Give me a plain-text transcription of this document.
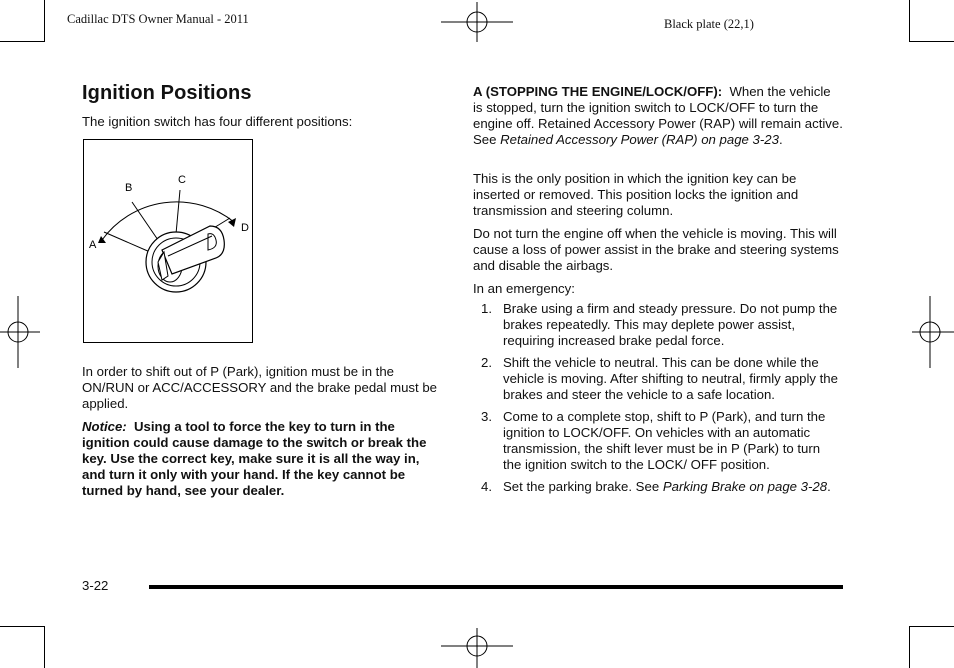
Cadillac DTS Owner Manual - 2011	Black plate (22,1)
Ignition Positions

The ignition switch has four different positions:

A
B
C
D

In order to shift out of P (Park), ignition must be in the ON/RUN or ACC/ACCESSORY and the brake pedal must be applied.

Notice: Using a tool to force the key to turn in the ignition could cause damage to the switch or break the key. Use the correct key, make sure it is all the way in, and turn it only with your hand. If the key cannot be turned by hand, see your dealer.

A (STOPPING THE ENGINE/LOCK/OFF): When the vehicle is stopped, turn the ignition switch to LOCK/OFF to turn the engine off. Retained Accessory Power (RAP) will remain active. See Retained Accessory Power (RAP) on page 3-23.

This is the only position in which the ignition key can be inserted or removed. This position locks the ignition and transmission and steering column.

Do not turn the engine off when the vehicle is moving. This will cause a loss of power assist in the brake and steering systems and disable the airbags.

In an emergency:

1. Brake using a firm and steady pressure. Do not pump the brakes repeatedly. This may deplete power assist, requiring increased brake pedal force.
2. Shift the vehicle to neutral. This can be done while the vehicle is moving. After shifting to neutral, firmly apply the brakes and steer the vehicle to a safe location.
3. Come to a complete stop, shift to P (Park), and turn the ignition to LOCK/OFF. On vehicles with an automatic transmission, the shift lever must be in P (Park) to turn the ignition switch to the LOCK/ OFF position.
4. Set the parking brake. See Parking Brake on page 3-28.
3-22
